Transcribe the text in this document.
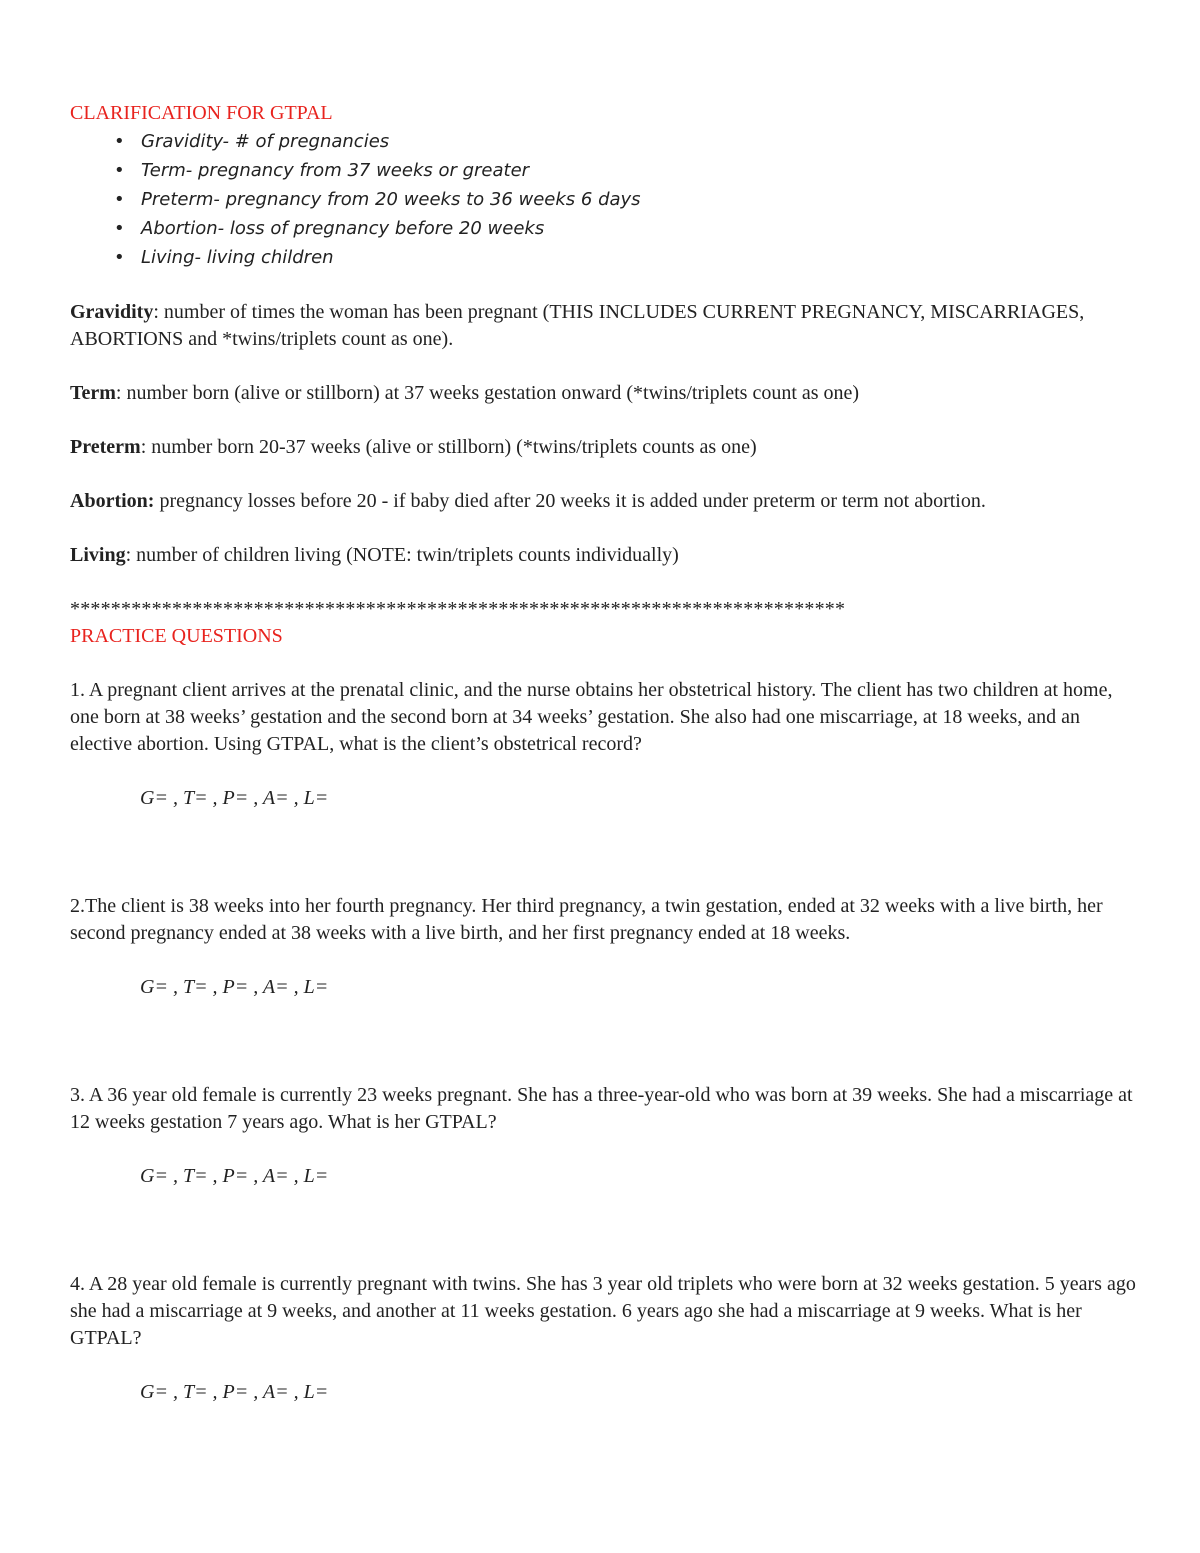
CLARIFICATION FOR GTPAL

• Gravidity- # of pregnancies
• Term- pregnancy from 37 weeks or greater
• Preterm- pregnancy from 20 weeks to 36 weeks 6 days
• Abortion- loss of pregnancy before 20 weeks
• Living- living children

Gravidity: number of times the woman has been pregnant (THIS INCLUDES CURRENT PREGNANCY, MISCARRIAGES, ABORTIONS and *twins/triplets count as one).

Term: number born (alive or stillborn) at 37 weeks gestation onward (*twins/triplets count as one)

Preterm: number born 20-37 weeks (alive or stillborn) (*twins/triplets counts as one)

Abortion: pregnancy losses before 20 - if baby died after 20 weeks it is added under preterm or term not abortion.

Living: number of children living (NOTE: twin/triplets counts individually)

****************************************************************************

PRACTICE QUESTIONS

1. A pregnant client arrives at the prenatal clinic, and the nurse obtains her obstetrical history. The client has two children at home, one born at 38 weeks’ gestation and the second born at 34 weeks’ gestation. She also had one miscarriage, at 18 weeks, and an elective abortion. Using GTPAL, what is the client’s obstetrical record?

G= , T= , P= , A= , L=

2.The client is 38 weeks into her fourth pregnancy. Her third pregnancy, a twin gestation, ended at 32 weeks with a live birth, her second pregnancy ended at 38 weeks with a live birth, and her first pregnancy ended at 18 weeks.

G= , T= , P= , A= , L=

3. A 36 year old female is currently 23 weeks pregnant. She has a three-year-old who was born at 39 weeks. She had a miscarriage at 12 weeks gestation 7 years ago. What is her GTPAL?

G= , T= , P= , A= , L=

4. A 28 year old female is currently pregnant with twins. She has 3 year old triplets who were born at 32 weeks gestation. 5 years ago she had a miscarriage at 9 weeks, and another at 11 weeks gestation. 6 years ago she had a miscarriage at 9 weeks. What is her GTPAL?

G= , T= , P= , A= , L=
